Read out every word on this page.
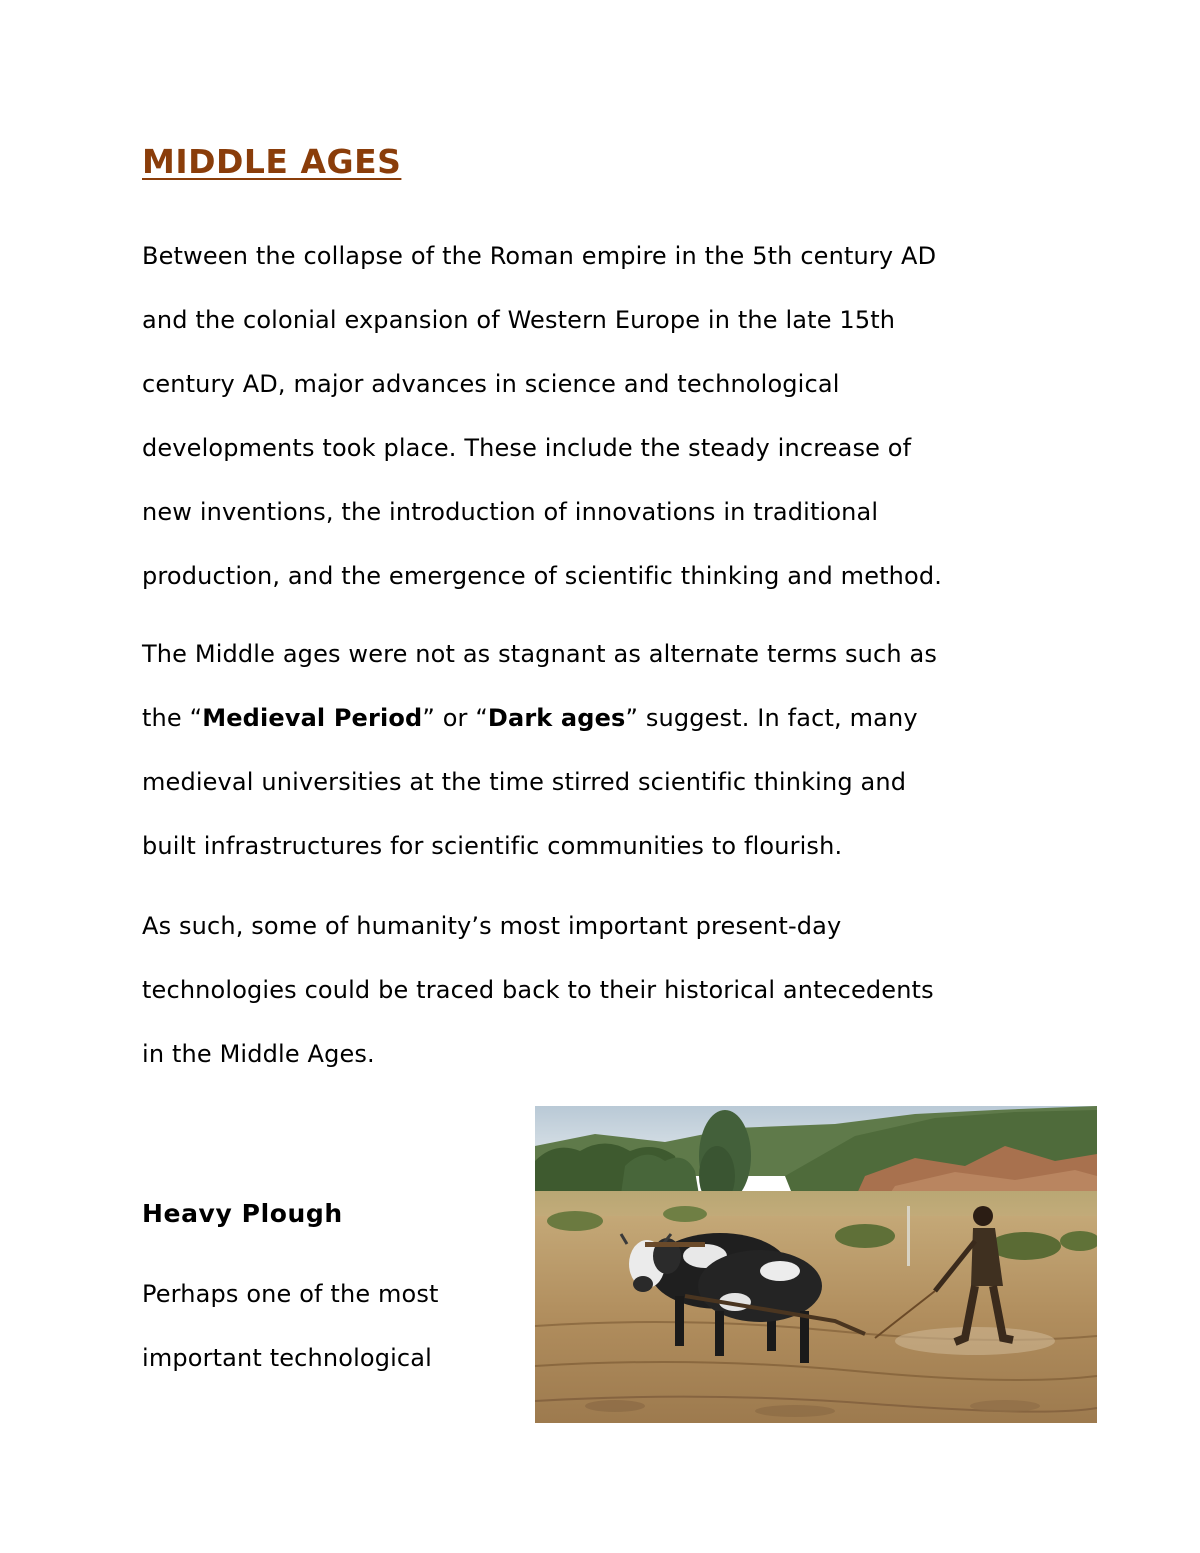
MIDDLE AGES

Between the collapse of the Roman empire in the 5th century AD
and the colonial expansion of Western Europe in the late 15th
century AD, major advances in science and technological
developments took place. These include the steady increase of
new inventions, the introduction of innovations in traditional
production, and the emergence of scientific thinking and method.

The Middle ages were not as stagnant as alternate terms such as
the “Medieval Period” or “Dark ages” suggest. In fact, many
medieval universities at the time stirred scientific thinking and
built infrastructures for scientific communities to flourish.

As such, some of humanity’s most important present-day
technologies could be traced back to their historical antecedents
in the Middle Ages.

Heavy Plough

Perhaps one of the most
important technological
